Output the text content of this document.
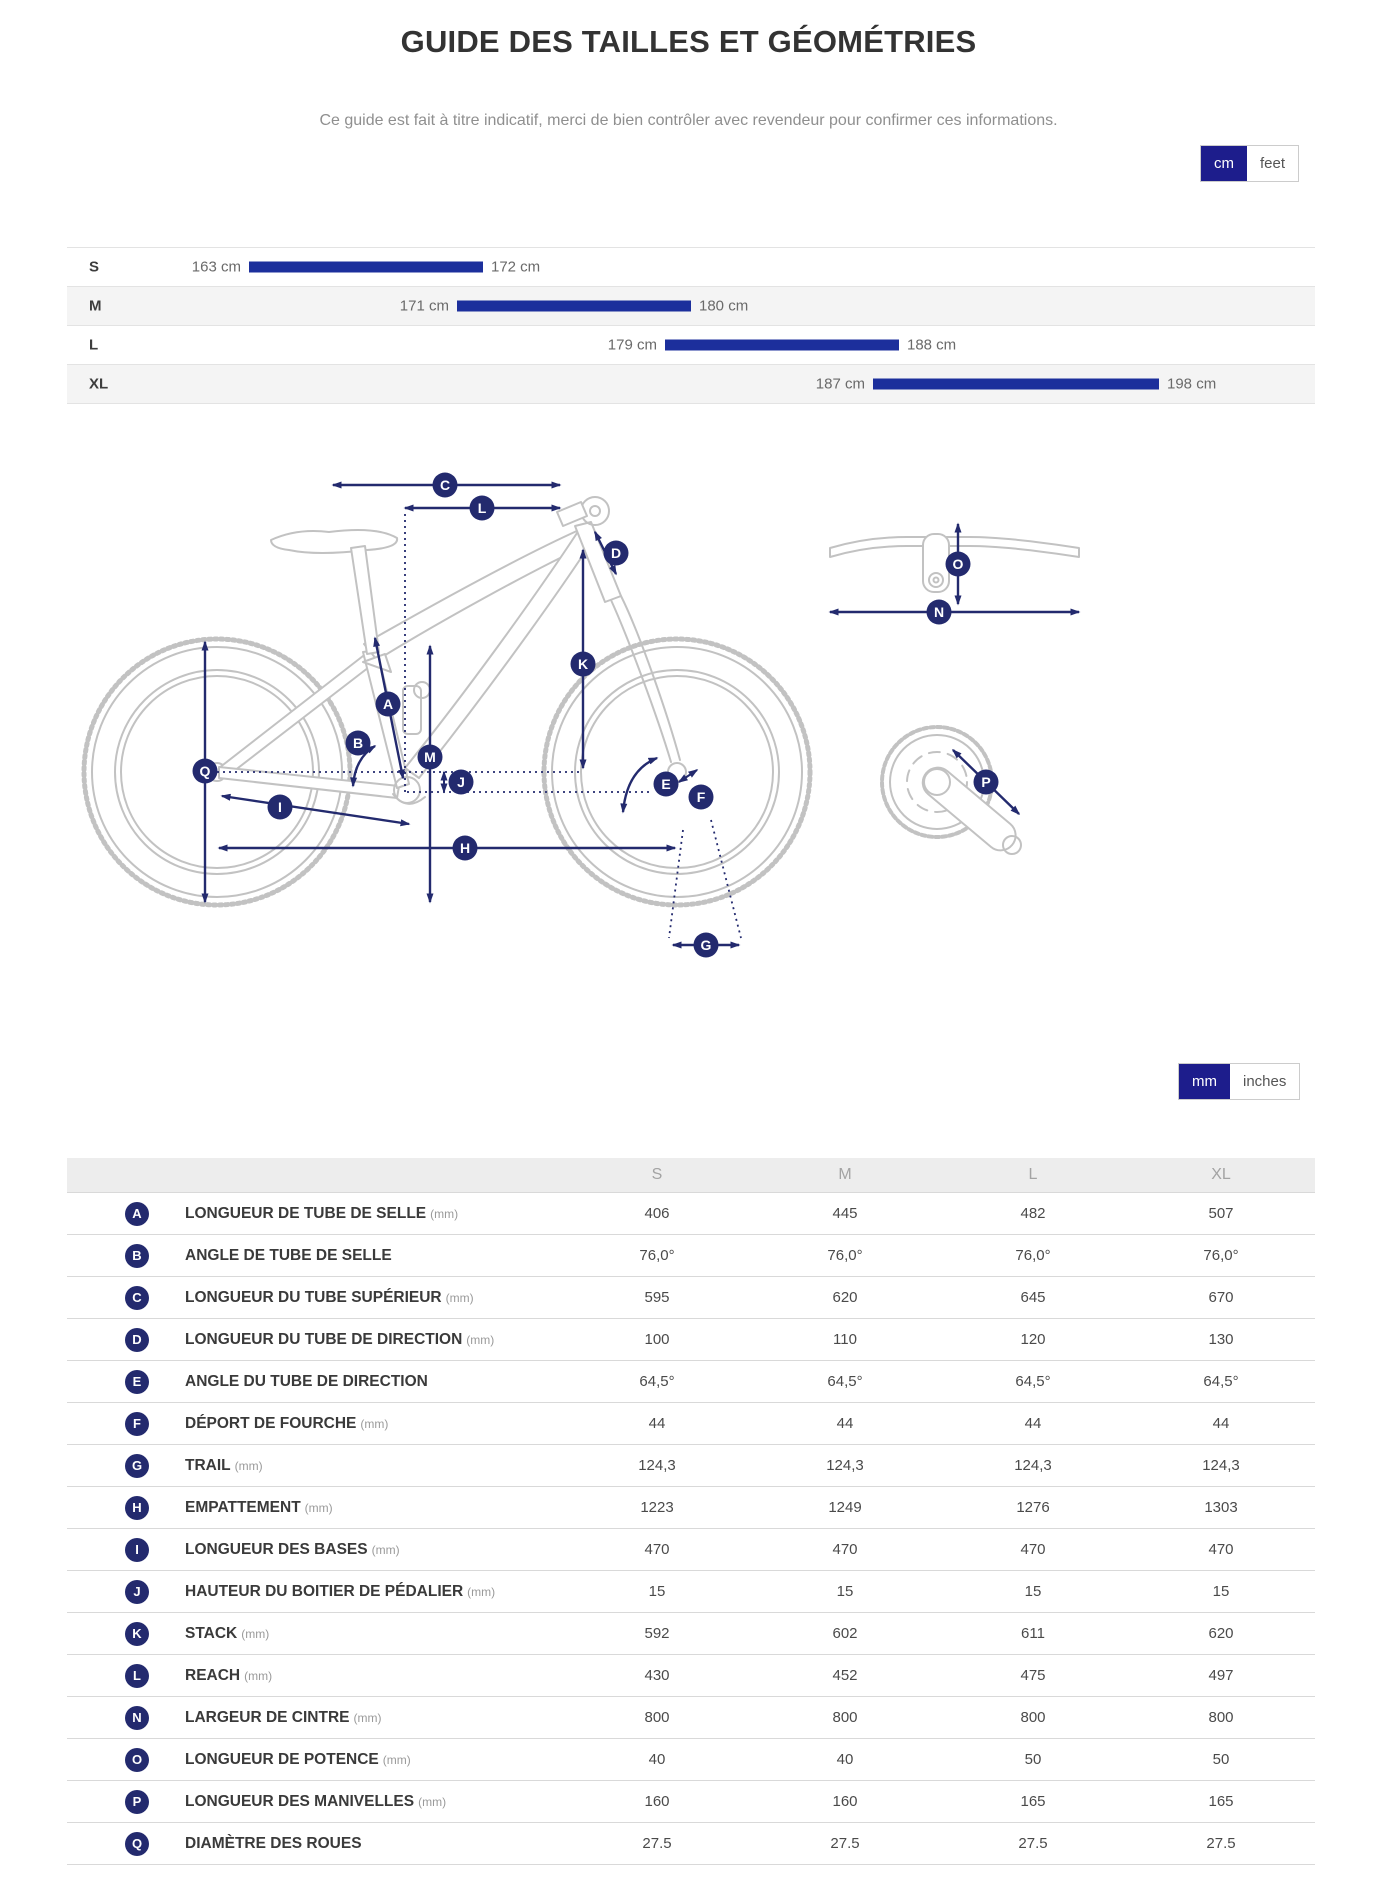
GUIDE DES TAILLES ET GÉOMÉTRIES

Ce guide est fait à titre indicatif, merci de bien contrôler avec revendeur pour confirmer ces informations.

cm	feet
S	163 cm	172 cm
M	171 cm	180 cm
L	179 cm	188 cm
XL	187 cm	198 cm
A
B
C
D
E
F
G
H
I
J
K
L
M
N
O
P
Q
mm	inches
S	M	L	XL
A	LONGUEUR DE TUBE DE SELLE (mm)	406	445	482	507
B	ANGLE DE TUBE DE SELLE	76,0°	76,0°	76,0°	76,0°
C	LONGUEUR DU TUBE SUPÉRIEUR (mm)	595	620	645	670
D	LONGUEUR DU TUBE DE DIRECTION (mm)	100	110	120	130
E	ANGLE DU TUBE DE DIRECTION	64,5°	64,5°	64,5°	64,5°
F	DÉPORT DE FOURCHE (mm)	44	44	44	44
G	TRAIL (mm)	124,3	124,3	124,3	124,3
H	EMPATTEMENT (mm)	1223	1249	1276	1303
I	LONGUEUR DES BASES (mm)	470	470	470	470
J	HAUTEUR DU BOITIER DE PÉDALIER (mm)	15	15	15	15
K	STACK (mm)	592	602	611	620
L	REACH (mm)	430	452	475	497
N	LARGEUR DE CINTRE (mm)	800	800	800	800
O	LONGUEUR DE POTENCE (mm)	40	40	50	50
P	LONGUEUR DES MANIVELLES (mm)	160	160	165	165
Q	DIAMÈTRE DES ROUES	27.5	27.5	27.5	27.5
